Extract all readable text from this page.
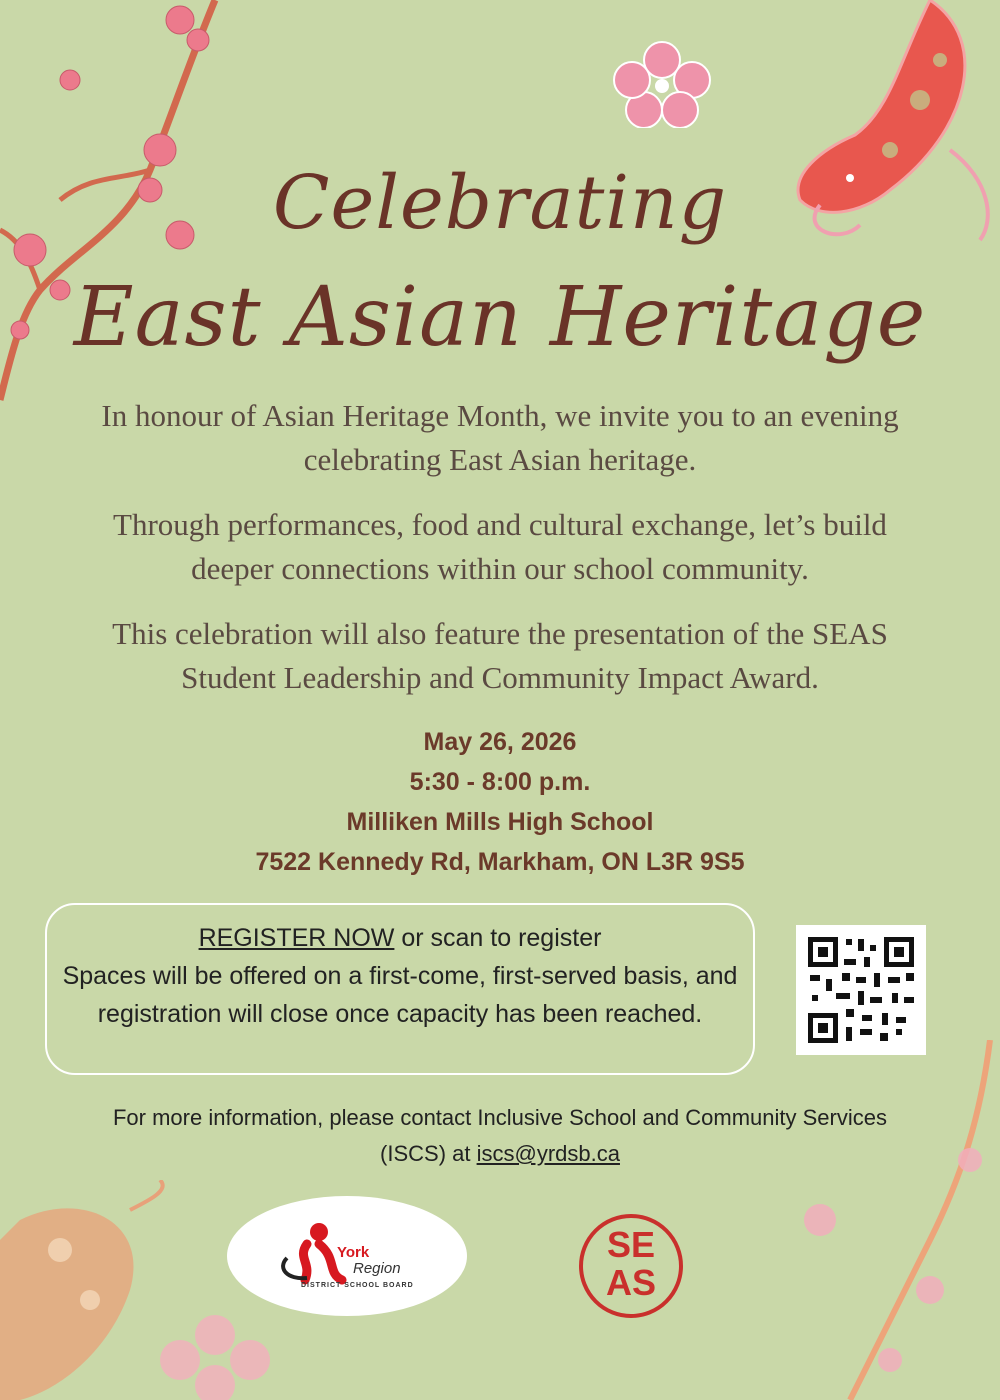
Celebrating
East Asian Heritage

In honour of Asian Heritage Month, we invite you to an evening celebrating East Asian heritage.

Through performances, food and cultural exchange, let’s build deeper connections within our school community.

This celebration will also feature the presentation of the SEAS Student Leadership and Community Impact Award.

May 26, 2026
5:30 - 8:00 p.m.
Milliken Mills High School
7522 Kennedy Rd, Markham, ON L3R 9S5
REGISTER NOW or scan to register
Spaces will be offered on a first-come, first-served basis, and registration will close once capacity has been reached.
For more information, please contact Inclusive School and Community Services (ISCS) at iscs@yrdsb.ca
York
Region
DISTRICT SCHOOL BOARD
SE
AS
